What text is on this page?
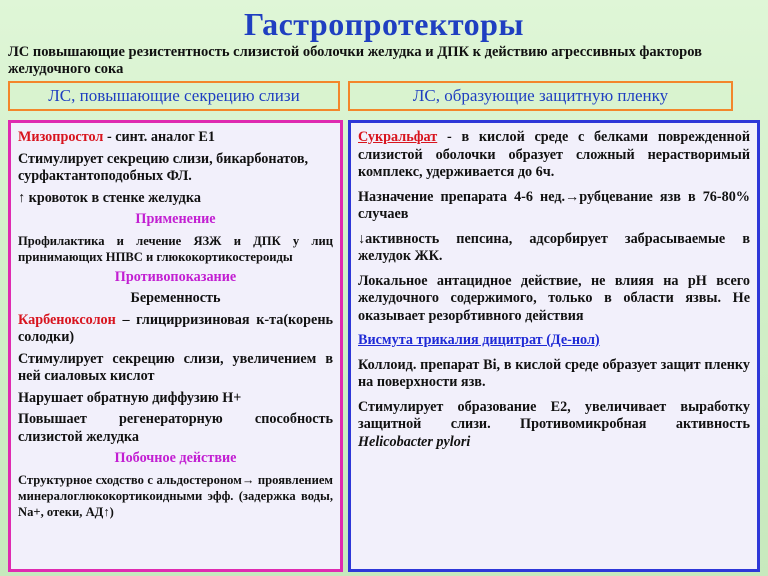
Гастропротекторы
ЛС повышающие резистентность слизистой оболочки желудка и ДПК к действию агрессивных факторов желудочного сока
ЛС, повышающие секрецию слизи	ЛС, образующие защитную пленку

Мизопростол - синт. аналог Е1

Стимулирует секрецию слизи, бикарбонатов, сурфактантоподобных ФЛ.

↑ кровоток в стенке желудка

Применение

Профилактика и лечение ЯЗЖ и ДПК у лиц принимающих НПВС и глюкокортикостероиды

Противопоказание

Беременность

Карбеноксолон – глицирризиновая к-та(корень солодки)

Стимулирует секрецию слизи, увеличением в ней сиаловых кислот

Нарушает обратную диффузию Н+

Повышает регенераторную способность слизистой желудка

Побочное действие

Структурное сходство с альдостероном→ проявлением минералоглюкокортикоидными эфф. (задержка воды, Na+, отеки, АД↑)

Сукральфат - в кислой среде с белками поврежденной слизистой оболочки образует сложный нерастворимый комплекс, удерживается до 6ч.

Назначение препарата 4-6 нед.→рубцевание язв в 76-80% случаев

↓активность пепсина, адсорбирует забрасываемые в желудок ЖК.

Локальное антацидное действие, не влияя на pH всего желудочного содержимого, только в области язвы. Не оказывает резорбтивного действия

Висмута трикалия дицитрат (Де-нол)

Коллоид. препарат Bi, в кислой среде образует защит пленку на поверхности язв.

Стимулирует образование Е2, увеличивает выработку защитной слизи. Противомикробная активность Helicobacter pylori
